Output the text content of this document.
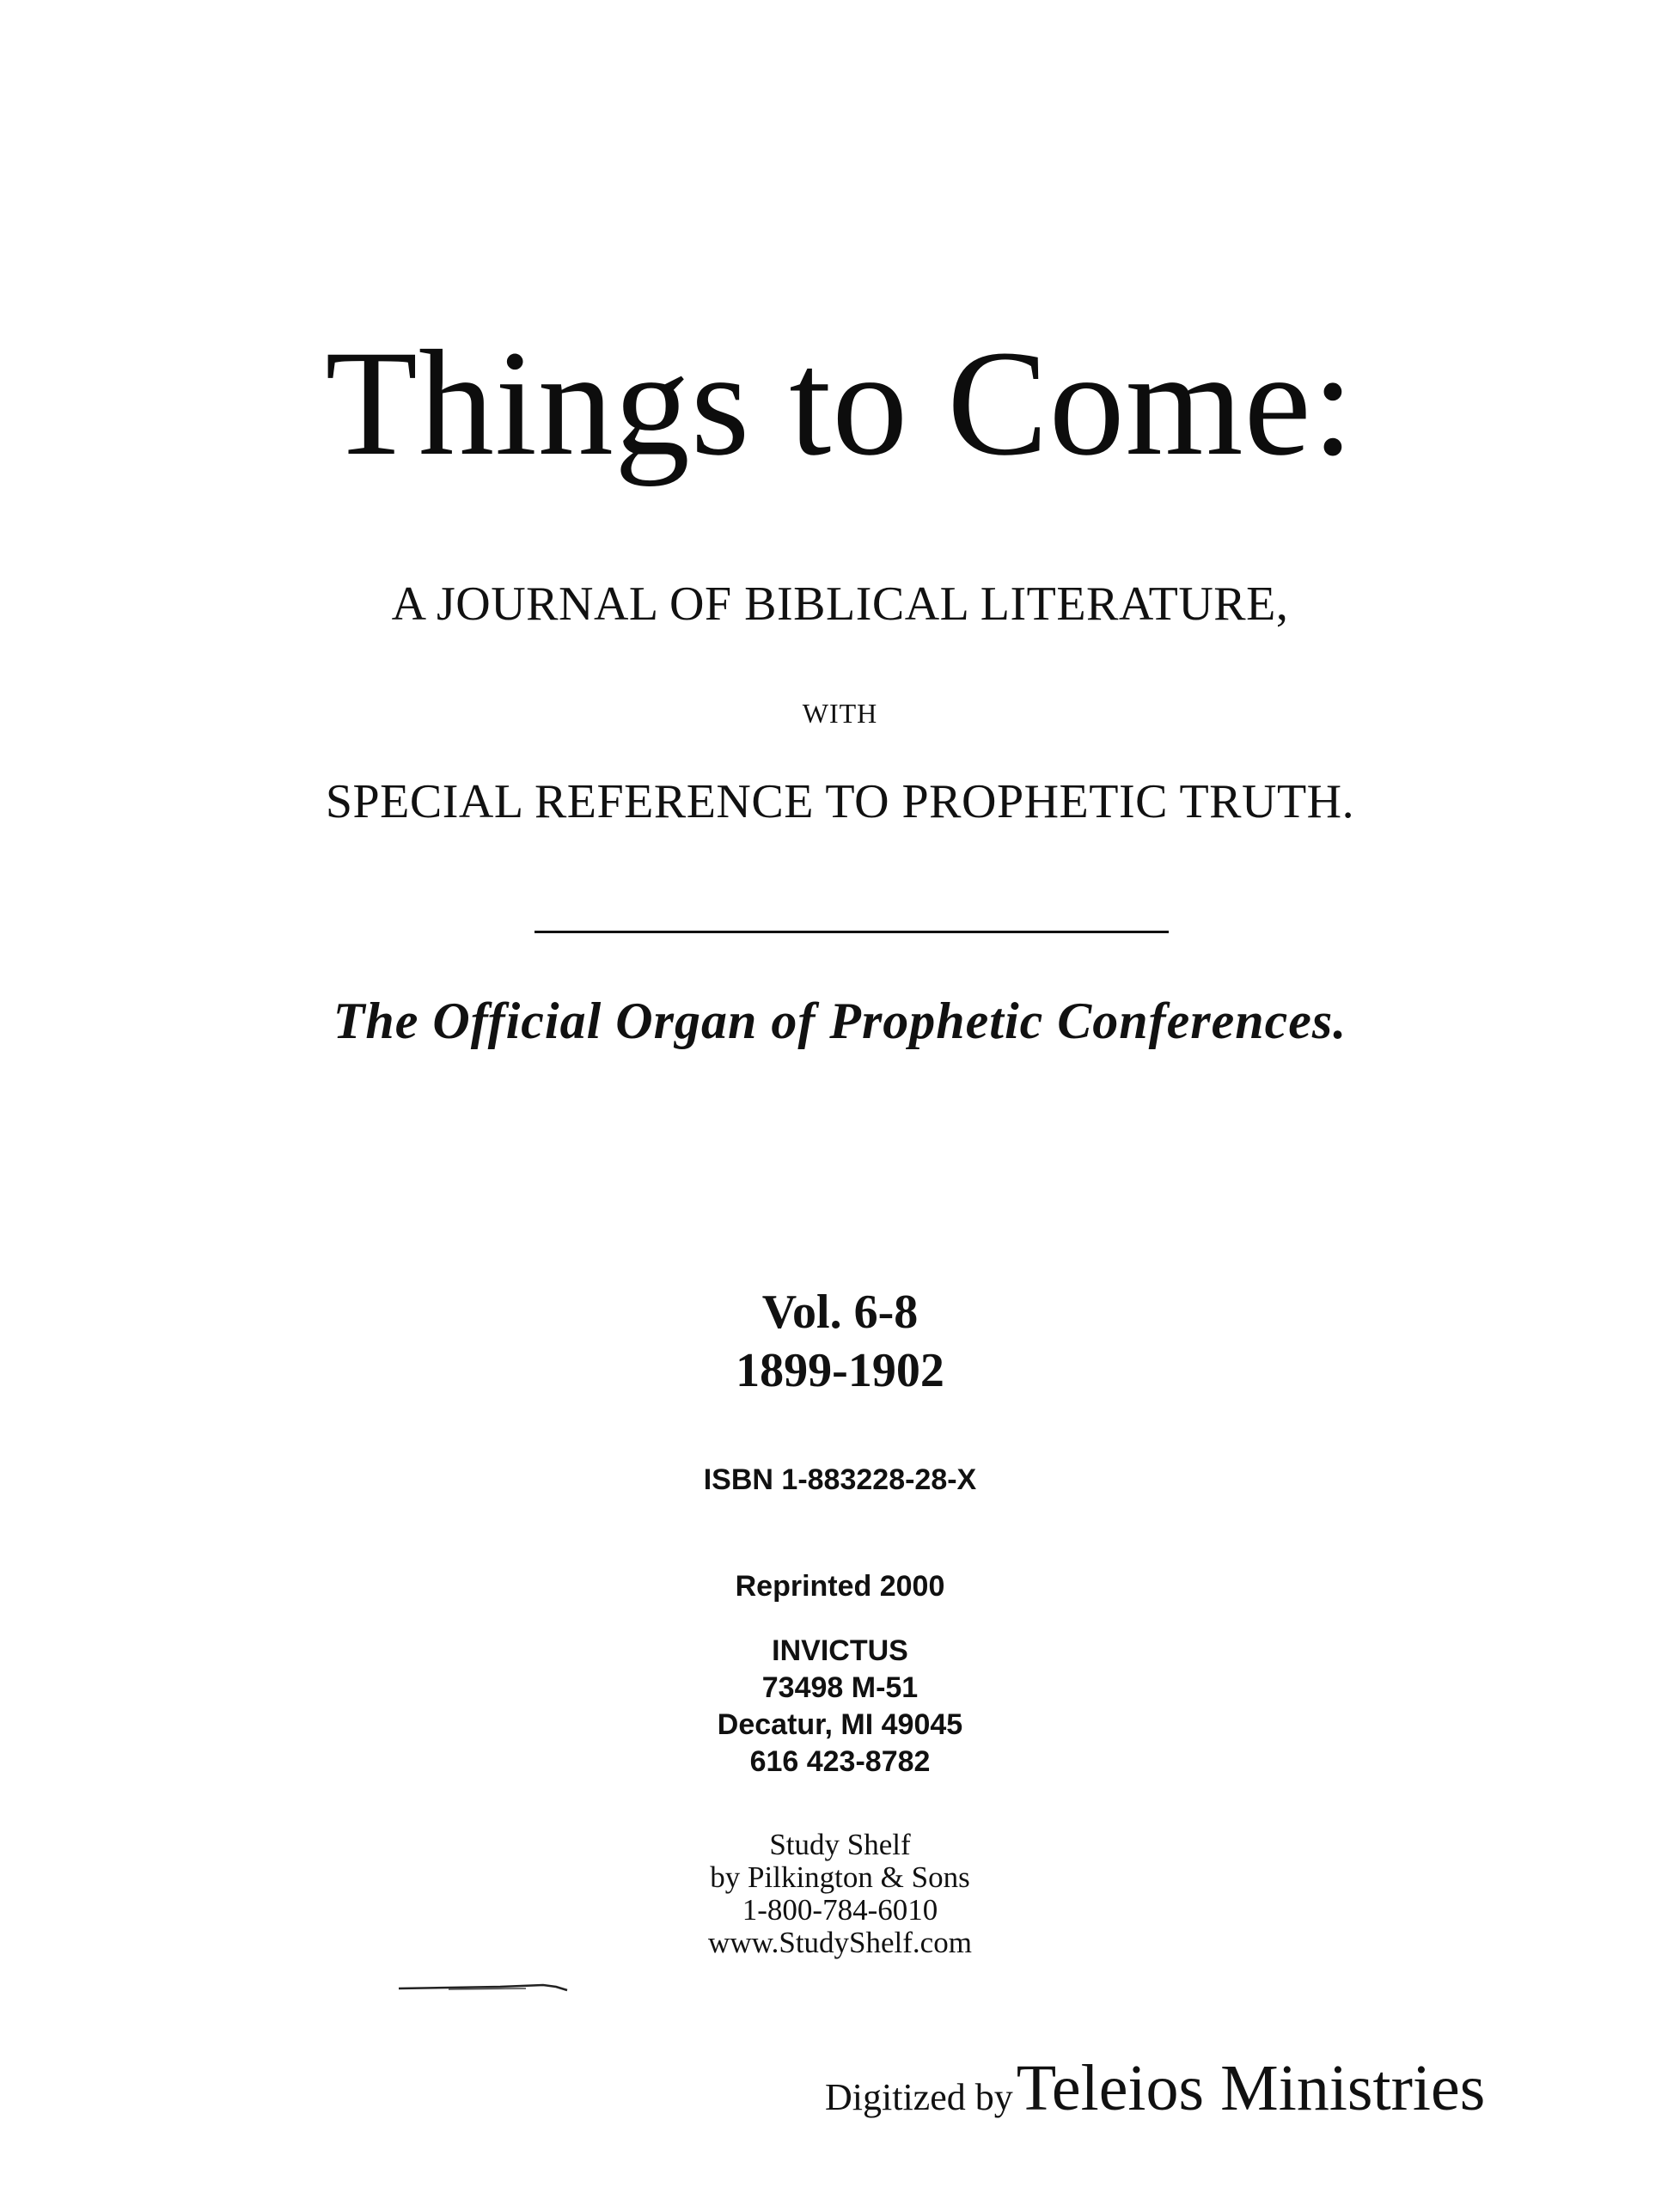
Things to Come:
A JOURNAL OF BIBLICAL LITERATURE,
WITH
SPECIAL REFERENCE TO PROPHETIC TRUTH.
The Official Organ of Prophetic Conferences.
Vol. 6-8
1899-1902
ISBN 1-883228-28-X
Reprinted 2000
INVICTUS
73498 M-51
Decatur, MI 49045
616 423-8782
Study Shelf
by Pilkington & Sons
1-800-784-6010
www.StudyShelf.com
Digitized by Teleios Ministries
